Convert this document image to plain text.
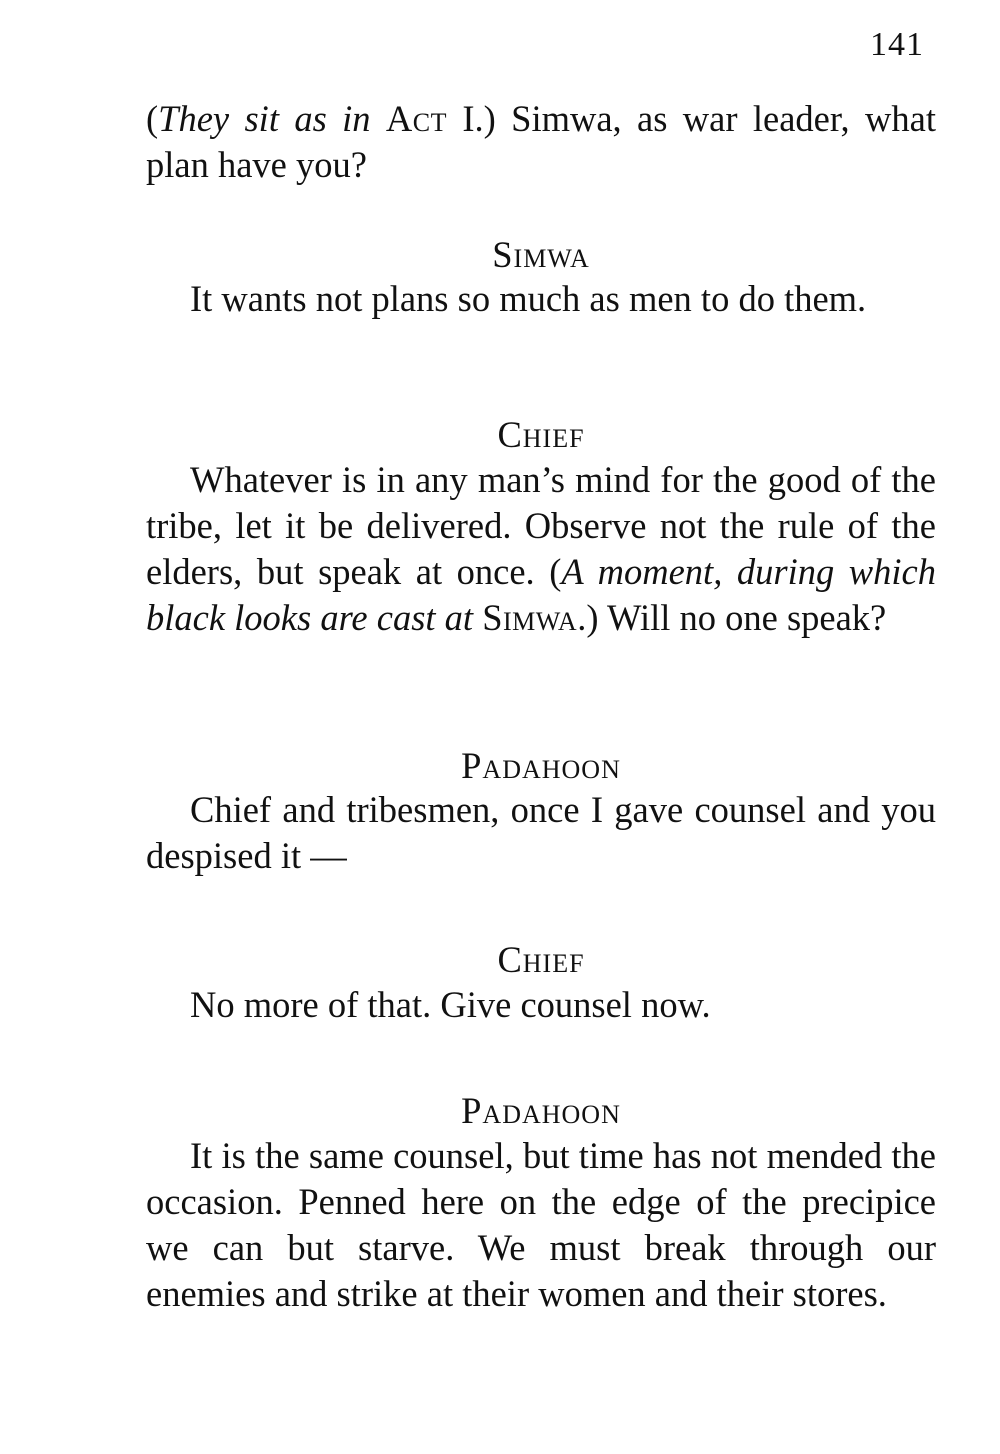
141
(They sit as in Act I.) Simwa, as war leader, what plan have you?
Simwa
It wants not plans so much as men to do them.
Chief
Whatever is in any man’s mind for the good of the tribe, let it be delivered. Observe not the rule of the elders, but speak at once. (A moment, during which black looks are cast at Simwa.) Will no one speak?
Padahoon
Chief and tribesmen, once I gave counsel and you despised it —
Chief
No more of that. Give counsel now.
Padahoon
It is the same counsel, but time has not mended the occasion. Penned here on the edge of the precipice we can but starve. We must break through our enemies and strike at their women and their stores.
